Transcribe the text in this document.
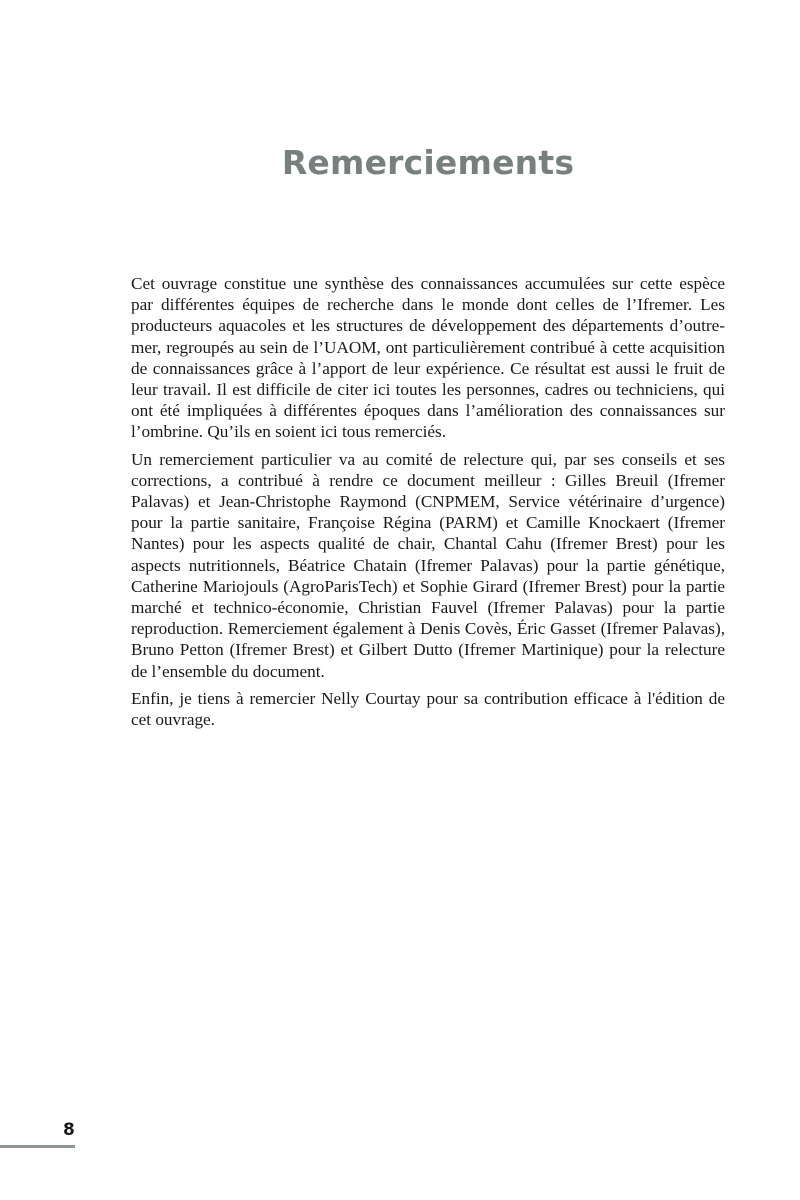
Remerciements

Cet ouvrage constitue une synthèse des connaissances accumulées sur cette espèce par différentes équipes de recherche dans le monde dont celles de l’Ifremer. Les producteurs aquacoles et les structures de développement des départements d’outre-mer, regroupés au sein de l’UAOM, ont particulièrement contribué à cette acquisition de connaissances grâce à l’apport de leur expérience. Ce résultat est aussi le fruit de leur travail. Il est difficile de citer ici toutes les personnes, cadres ou techniciens, qui ont été impliquées à différentes époques dans l’amélioration des connaissances sur l’ombrine. Qu’ils en soient ici tous remerciés.

Un remerciement particulier va au comité de relecture qui, par ses conseils et ses corrections, a contribué à rendre ce document meilleur : Gilles Breuil (Ifremer Palavas) et Jean-Christophe Raymond (CNPMEM, Service vétérinaire d’urgence) pour la partie sanitaire, Françoise Régina (PARM) et Camille Knockaert (Ifremer Nantes) pour les aspects qualité de chair, Chantal Cahu (Ifremer Brest) pour les aspects nutritionnels, Béatrice Chatain (Ifremer Palavas) pour la partie génétique, Catherine Mariojouls (AgroParisTech) et Sophie Girard (Ifremer Brest) pour la partie marché et technico-économie, Christian Fauvel (Ifremer Palavas) pour la partie reproduction. Remerciement également à Denis Covès, Éric Gasset (Ifremer Palavas), Bruno Petton (Ifremer Brest) et Gilbert Dutto (Ifremer Martinique) pour la relecture de l’ensemble du document.

Enfin, je tiens à remercier Nelly Courtay pour sa contribution efficace à l'édition de cet ouvrage.

8
